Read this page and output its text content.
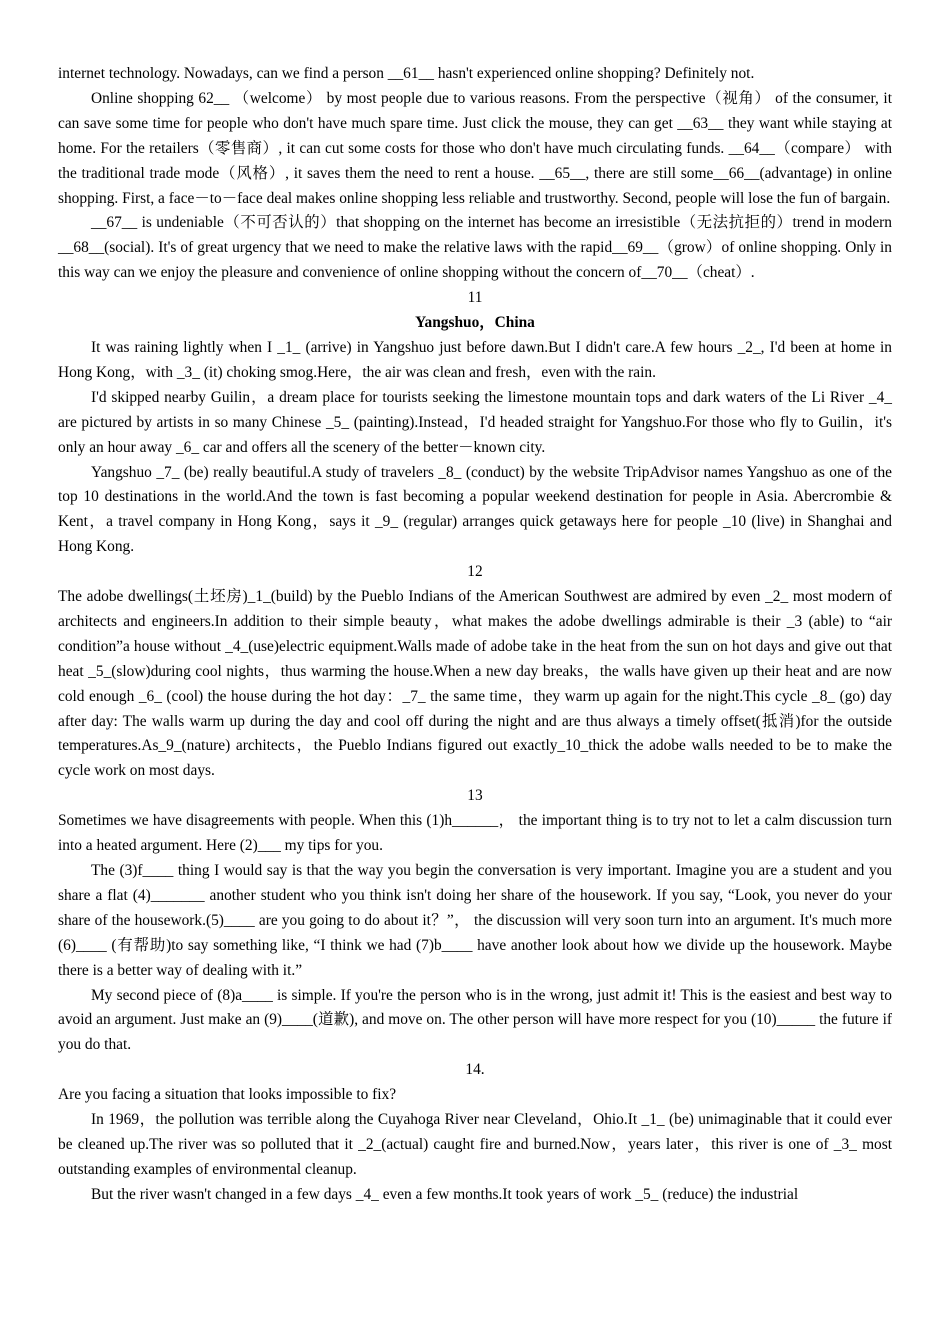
internet technology. Nowadays, can we find a person __61__ hasn't experienced online shopping? Definitely not.

Online shopping 62__ （welcome） by most people due to various reasons. From the perspective（视角） of the consumer, it can save some time for people who don't have much spare time. Just click the mouse, they can get __63__ they want while staying at home. For the retailers（零售商）, it can cut some costs for those who don't have much circulating funds. __64__（compare） with the traditional trade mode（风格）, it saves them the need to rent a house. __65__, there are still some__66__(advantage) in online shopping. First, a face－to－face deal makes online shopping less reliable and trustworthy. Second, people will lose the fun of bargain.

__67__ is undeniable（不可否认的）that shopping on the internet has become an irresistible（无法抗拒的）trend in modern __68__(social). It's of great urgency that we need to make the relative laws with the rapid__69__（grow）of online shopping. Only in this way can we enjoy the pleasure and convenience of online shopping without the concern of__70__（cheat）.

11

Yangshuo，China

It was raining lightly when I _1_ (arrive) in Yangshuo just before dawn.But I didn't care.A few hours _2_, I'd been at home in Hong Kong，with _3_ (it) choking smog.Here，the air was clean and fresh，even with the rain.

I'd skipped nearby Guilin，a dream place for tourists seeking the limestone mountain tops and dark waters of the Li River _4_ are pictured by artists in so many Chinese _5_ (painting).Instead，I'd headed straight for Yangshuo.For those who fly to Guilin，it's only an hour away _6_ car and offers all the scenery of the better－known city.

Yangshuo _7_ (be) really beautiful.A study of travelers _8_ (conduct) by the website TripAdvisor names Yangshuo as one of the top 10 destinations in the world.And the town is fast becoming a popular weekend destination for people in Asia. Abercrombie & Kent，a travel company in Hong Kong，says it _9_ (regular) arranges quick getaways here for people _10 (live) in Shanghai and Hong Kong.

12

The adobe dwellings(土坯房)_1_(build) by the Pueblo Indians of the American Southwest are admired by even _2_ most modern of architects and engineers.In addition to their simple beauty，what makes the adobe dwellings admirable is their _3 (able) to “air condition”a house without _4_(use)electric equipment.Walls made of adobe take in the heat from the sun on hot days and give out that heat _5_(slow)during cool nights，thus warming the house.When a new day breaks，the walls have given up their heat and are now cold enough _6_ (cool) the house during the hot day：_7_ the same time，they warm up again for the night.This cycle _8_ (go) day after day: The walls warm up during the day and cool off during the night and are thus always a timely offset(抵消)for the outside temperatures.As_9_(nature) architects，the Pueblo Indians figured out exactly_10_thick the adobe walls needed to be to make the cycle work on most days.

13

Sometimes we have disagreements with people. When this (1)h______， the important thing is to try not to let a calm discussion turn into a heated argument. Here (2)___ my tips for you.

The (3)f____ thing I would say is that the way you begin the conversation is very important. Imagine you are a student and you share a flat (4)_______ another student who you think isn't doing her share of the housework. If you say, “Look, you never do your share of the housework.(5)____ are you going to do about it？”， the discussion will very soon turn into an argument. It's much more (6)____ (有帮助)to say something like, “I think we had (7)b____ have another look about how we divide up the housework. Maybe there is a better way of dealing with it.”

My second piece of (8)a____ is simple. If you're the person who is in the wrong, just admit it! This is the easiest and best way to avoid an argument. Just make an (9)____(道歉), and move on. The other person will have more respect for you (10)_____ the future if you do that.

14.

Are you facing a situation that looks impossible to fix?

In 1969，the pollution was terrible along the Cuyahoga River near Cleveland，Ohio.It _1_ (be) unimaginable that it could ever be cleaned up.The river was so polluted that it _2_(actual) caught fire and burned.Now，years later，this river is one of _3_ most outstanding examples of environmental cleanup.

But the river wasn't changed in a few days _4_ even a few months.It took years of work _5_ (reduce) the industrial
